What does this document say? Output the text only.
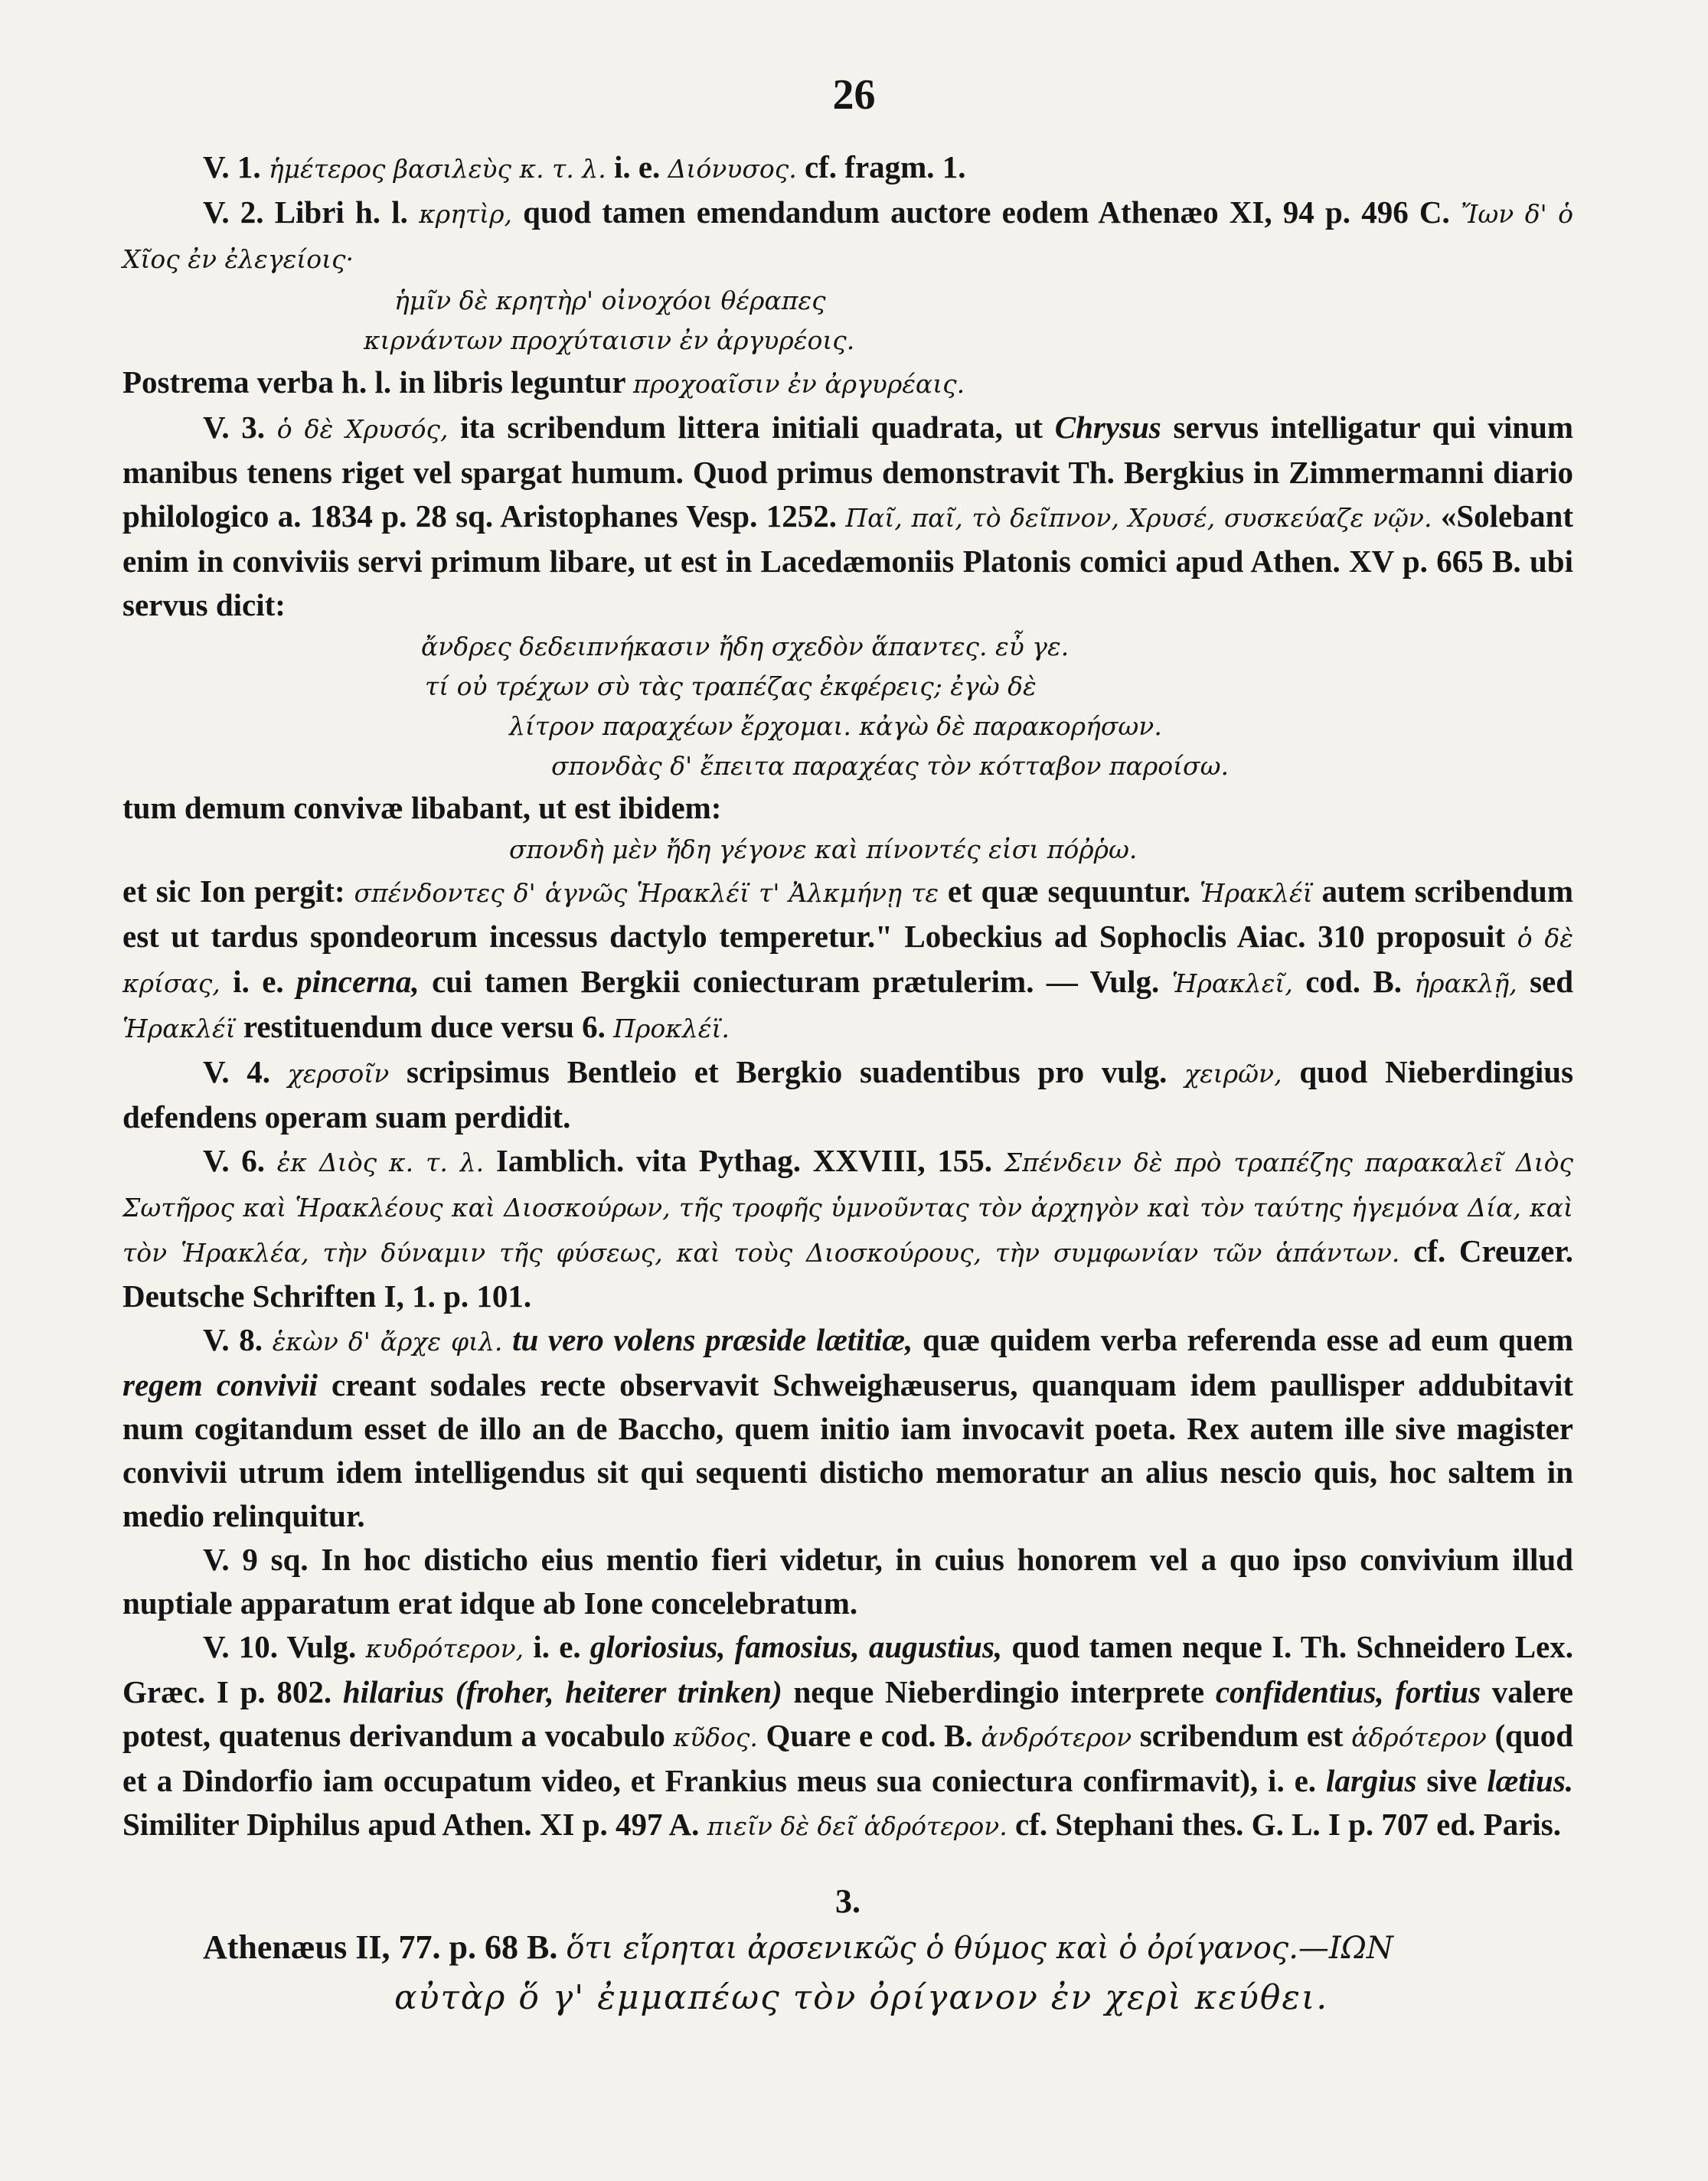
26

V. 1. ἡμέτερος βασιλεὺς κ. τ. λ. i. e. Διόνυσος. cf. fragm. 1.

V. 2. Libri h. l. κρητὶρ, quod tamen emendandum auctore eodem Athenæo XI, 94 p. 496 C. Ἴων δ' ὁ Χῖος ἐν ἐλεγείοις·

ἡμῖν δὲ κρητὴρ' οἰνοχόοι θέραπες
κιρνάντων προχύταισιν ἐν ἀργυρέοις.

Postrema verba h. l. in libris leguntur προχοαῖσιν ἐν ἀργυρέαις.

V. 3. ὁ δὲ Χρυσός, ita scribendum littera initiali quadrata, ut Chrysus servus intelligatur qui vinum manibus tenens riget vel spargat humum. Quod primus demonstravit Th. Bergkius in Zimmermanni diario philologico a. 1834 p. 28 sq. Aristophanes Vesp. 1252. Παῖ, παῖ, τὸ δεῖπνον, Χρυσέ, συσκεύαζε νῷν. «Solebant enim in conviviis servi primum libare, ut est in Lacedæmoniis Platonis comici apud Athen. XV p. 665 B. ubi servus dicit:

ἄνδρες δεδειπνήκασιν ἤδη σχεδὸν ἅπαντες. εὖ γε.
τί οὐ τρέχων σὺ τὰς τραπέζας ἐκφέρεις; ἐγὼ δὲ
λίτρον παραχέων ἔρχομαι. κἀγὼ δὲ παρακορήσων.
σπονδὰς δ' ἔπειτα παραχέας τὸν κότταβον παροίσω.

tum demum convivæ libabant, ut est ibidem:

σπονδὴ μὲν ἤδη γέγονε καὶ πίνοντές εἰσι πόῤῥω.

et sic Ion pergit: σπένδοντες δ' ἁγνῶς Ἡρακλέϊ τ' Ἀλκμήνῃ τε et quæ sequuntur. Ἡρακλέϊ autem scribendum est ut tardus spondeorum incessus dactylo temperetur." Lobeckius ad Sophoclis Aiac. 310 proposuit ὁ δὲ κρίσας, i. e. pincerna, cui tamen Bergkii coniecturam prætulerim. — Vulg. Ἡρακλεῖ, cod. B. ἡρακλῇ, sed Ἡρακλέϊ restituendum duce versu 6. Προκλέϊ.

V. 4. χερσοῖν scripsimus Bentleio et Bergkio suadentibus pro vulg. χειρῶν, quod Nieberdingius defendens operam suam perdidit.

V. 6. ἐκ Διὸς κ. τ. λ. Iamblich. vita Pythag. XXVIII, 155. Σπένδειν δὲ πρὸ τραπέζης παρακαλεῖ Διὸς Σωτῆρος καὶ Ἡρακλέους καὶ Διοσκούρων, τῆς τροφῆς ὑμνοῦντας τὸν ἀρχηγὸν καὶ τὸν ταύτης ἡγεμόνα Δία, καὶ τὸν Ἡρακλέα, τὴν δύναμιν τῆς φύσεως, καὶ τοὺς Διοσκούρους, τὴν συμφωνίαν τῶν ἁπάντων. cf. Creuzer. Deutsche Schriften I, 1. p. 101.

V. 8. ἑκὼν δ' ἄρχε φιλ. tu vero volens præside lætitiæ, quæ quidem verba referenda esse ad eum quem regem convivii creant sodales recte observavit Schweighæuserus, quanquam idem paullisper addubitavit num cogitandum esset de illo an de Baccho, quem initio iam invocavit poeta. Rex autem ille sive magister convivii utrum idem intelligendus sit qui sequenti disticho memoratur an alius nescio quis, hoc saltem in medio relinquitur.

V. 9 sq. In hoc disticho eius mentio fieri videtur, in cuius honorem vel a quo ipso convivium illud nuptiale apparatum erat idque ab Ione concelebratum.

V. 10. Vulg. κυδρότερον, i. e. gloriosius, famosius, augustius, quod tamen neque I. Th. Schneidero Lex. Græc. I p. 802. hilarius (froher, heiterer trinken) neque Nieberdingio interprete confidentius, fortius valere potest, quatenus derivandum a vocabulo κῦδος. Quare e cod. B. ἀνδρότερον scribendum est ἁδρότερον (quod et a Dindorfio iam occupatum video, et Frankius meus sua coniectura confirmavit), i. e. largius sive lætius. Similiter Diphilus apud Athen. XI p. 497 A. πιεῖν δὲ δεῖ ἁδρότερον. cf. Stephani thes. G. L. I p. 707 ed. Paris.

3.

Athenæus II, 77. p. 68 B. ὅτι εἴρηται ἀρσενικῶς ὁ θύμος καὶ ὁ ὀρίγανος.—ΙΩΝ

αὐτὰρ ὅ γ' ἐμμαπέως τὸν ὀρίγανον ἐν χερὶ κεύθει.
